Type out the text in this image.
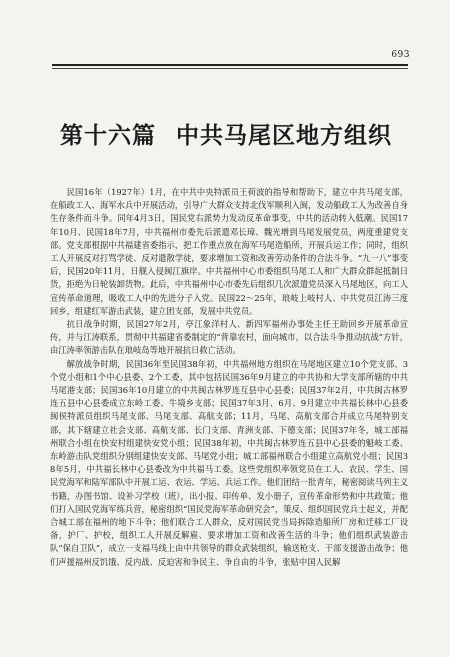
693
第十六篇 中共马尾区地方组织

民国16年（1927年）1月，在中共中央特派员王荷波的指导和帮助下，建立中共马尾支部，在船政工人、海军水兵中开展活动，引导广大群众支持北伐军顺利入闽，发动船政工人为改善自身生存条件而斗争。同年4月3日，国民党右派势力发动反革命事变，中共的活动转入低潮。民国17年10月、民国18年7月，中共福州市委先后派遣邓长璋、魏光增到马尾发展党员，两度重建党支部。党支部根据中共福建省委指示，把工作重点放在海军马尾造船所，开展兵运工作；同时，组织工人开展反对打骂学徒、反对遣散学徒，要求增加工资和改善劳动条件的合法斗争。“九一八”事变后，民国20年11月，日舰入侵闽江旗岸。中共福州中心市委组织马尾工人和广大群众群起抵制日货，拒绝为日轮装卸货物。此后，中共福州中心市委先后组织几次派遣党员深入马尾地区，向工人宣传革命道理，吸收工人中的先进分子入党。民国22～25年，琅岐上岐村人、中共党员江涛三度回乡，组建红军游击武装，建立团支部，发展中共党员。

抗日战争时期，民国27年2月，亭江象洋村人、新四军福州办事处主任王助回乡开展革命宣传，并与江涛联系，贯彻中共福建省委制定的“背靠农村，面向城市，以合法斗争推动抗战”方针，由江涛率领游击队在琅岐岛等地开展抗日救亡活动。

解放战争时期，民国36年至民国38年初，中共福州地方组织在马尾地区建立10个党支部、3个党小组和1个中心县委、2个工委，其中包括民国36年9月建立的中共协和大学支部所辖的中共马尾港支部；民国36年10月建立的中共闽古林罗连互县中心县委；民国37年2月，中共闽古林罗连五县中心县委成立东岭工委、牛境乡支部；民国37年3月、6月、9月建立中共福长林中心县委闽侯特派员组织马尾支部、马尾支部、高航支部；11月，马尾、高航支部合并成立马尾特别支部，其下辖建立社会支部、高航支部、长门支部、青洲支部、下德支部；民国37年冬，城工部福州联合小组在快安村组建快安党小组；民国38年初，中共闽古林罗连五县中心县委的魁岐工委、东岭游击队党组织分别组建快安支部、马尾党小组；城工部福州联合小组建立高航党小组；民国38年5月，中共福长林中心县委改为中共福马工委。这些党组织率领党员在工人、农民、学生、国民党海军和陆军部队中开展工运、农运、学运、兵运工作。他们团结一批青年，秘密阅读马列主义书籍，办图书馆、设补习学校（班），出小报、印传单、发小册子，宣传革命形势和中共政策；他们打入国民党海军练兵营，秘密组织“国民党海军革命研究会”，策反、组织国民党兵士起义，并配合城工部在福州的地下斗争；他们联合工人群众，反对国民党当局拆除造船所厂房和迁移工厂设备，护厂、护校，组织工人开展反解雇、要求增加工资和改善生活的斗争；他们组织武装游击队“保自卫队”，成立一支福马线上由中共领导的群众武装组织，输送枪支、干部支援游击战争；他们声援福州反饥饿、反内战、反迫害和争民主、争自由的斗争，张贴中国人民解
